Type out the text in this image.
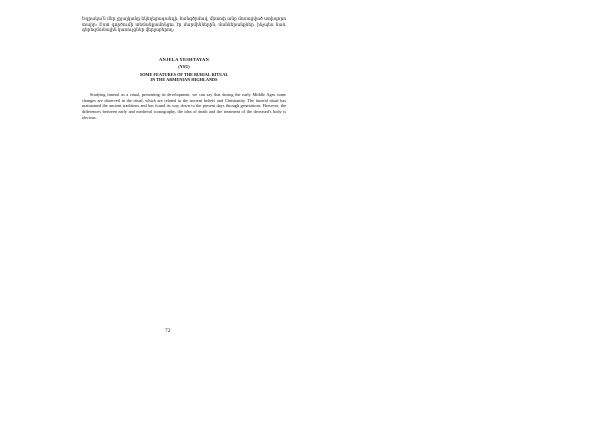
Եզրակա՛ն մեր չըյալկանը եկեղեցագանդի, հանգծրմավ, միտոփ անբ մոռացված ստիպորո տարր։ Ըստ գործումի տեմանքամոնցու էր մարմիններին, մաններանքներ, ինչպես նաև գերեզմանային կառույցներ վերլաբերող։

ANJELA YESHTAYAN
(YSU)
SOME FEATURES OF THE BURIAL RITUAL
IN THE ARMENIAN HIGHLANDS

Studying funeral as a ritual, presenting its development, we can say that during the early Middle Ages some changes are observed in the ritual, which are related to the ancient beliefs and Christianity. The funeral ritual has maintained the ancient traditions and has found its way down to the present days through generations. However, the differences between early and medieval iconography, the idea of death and the treatment of the deceased's body is obvious.

72
